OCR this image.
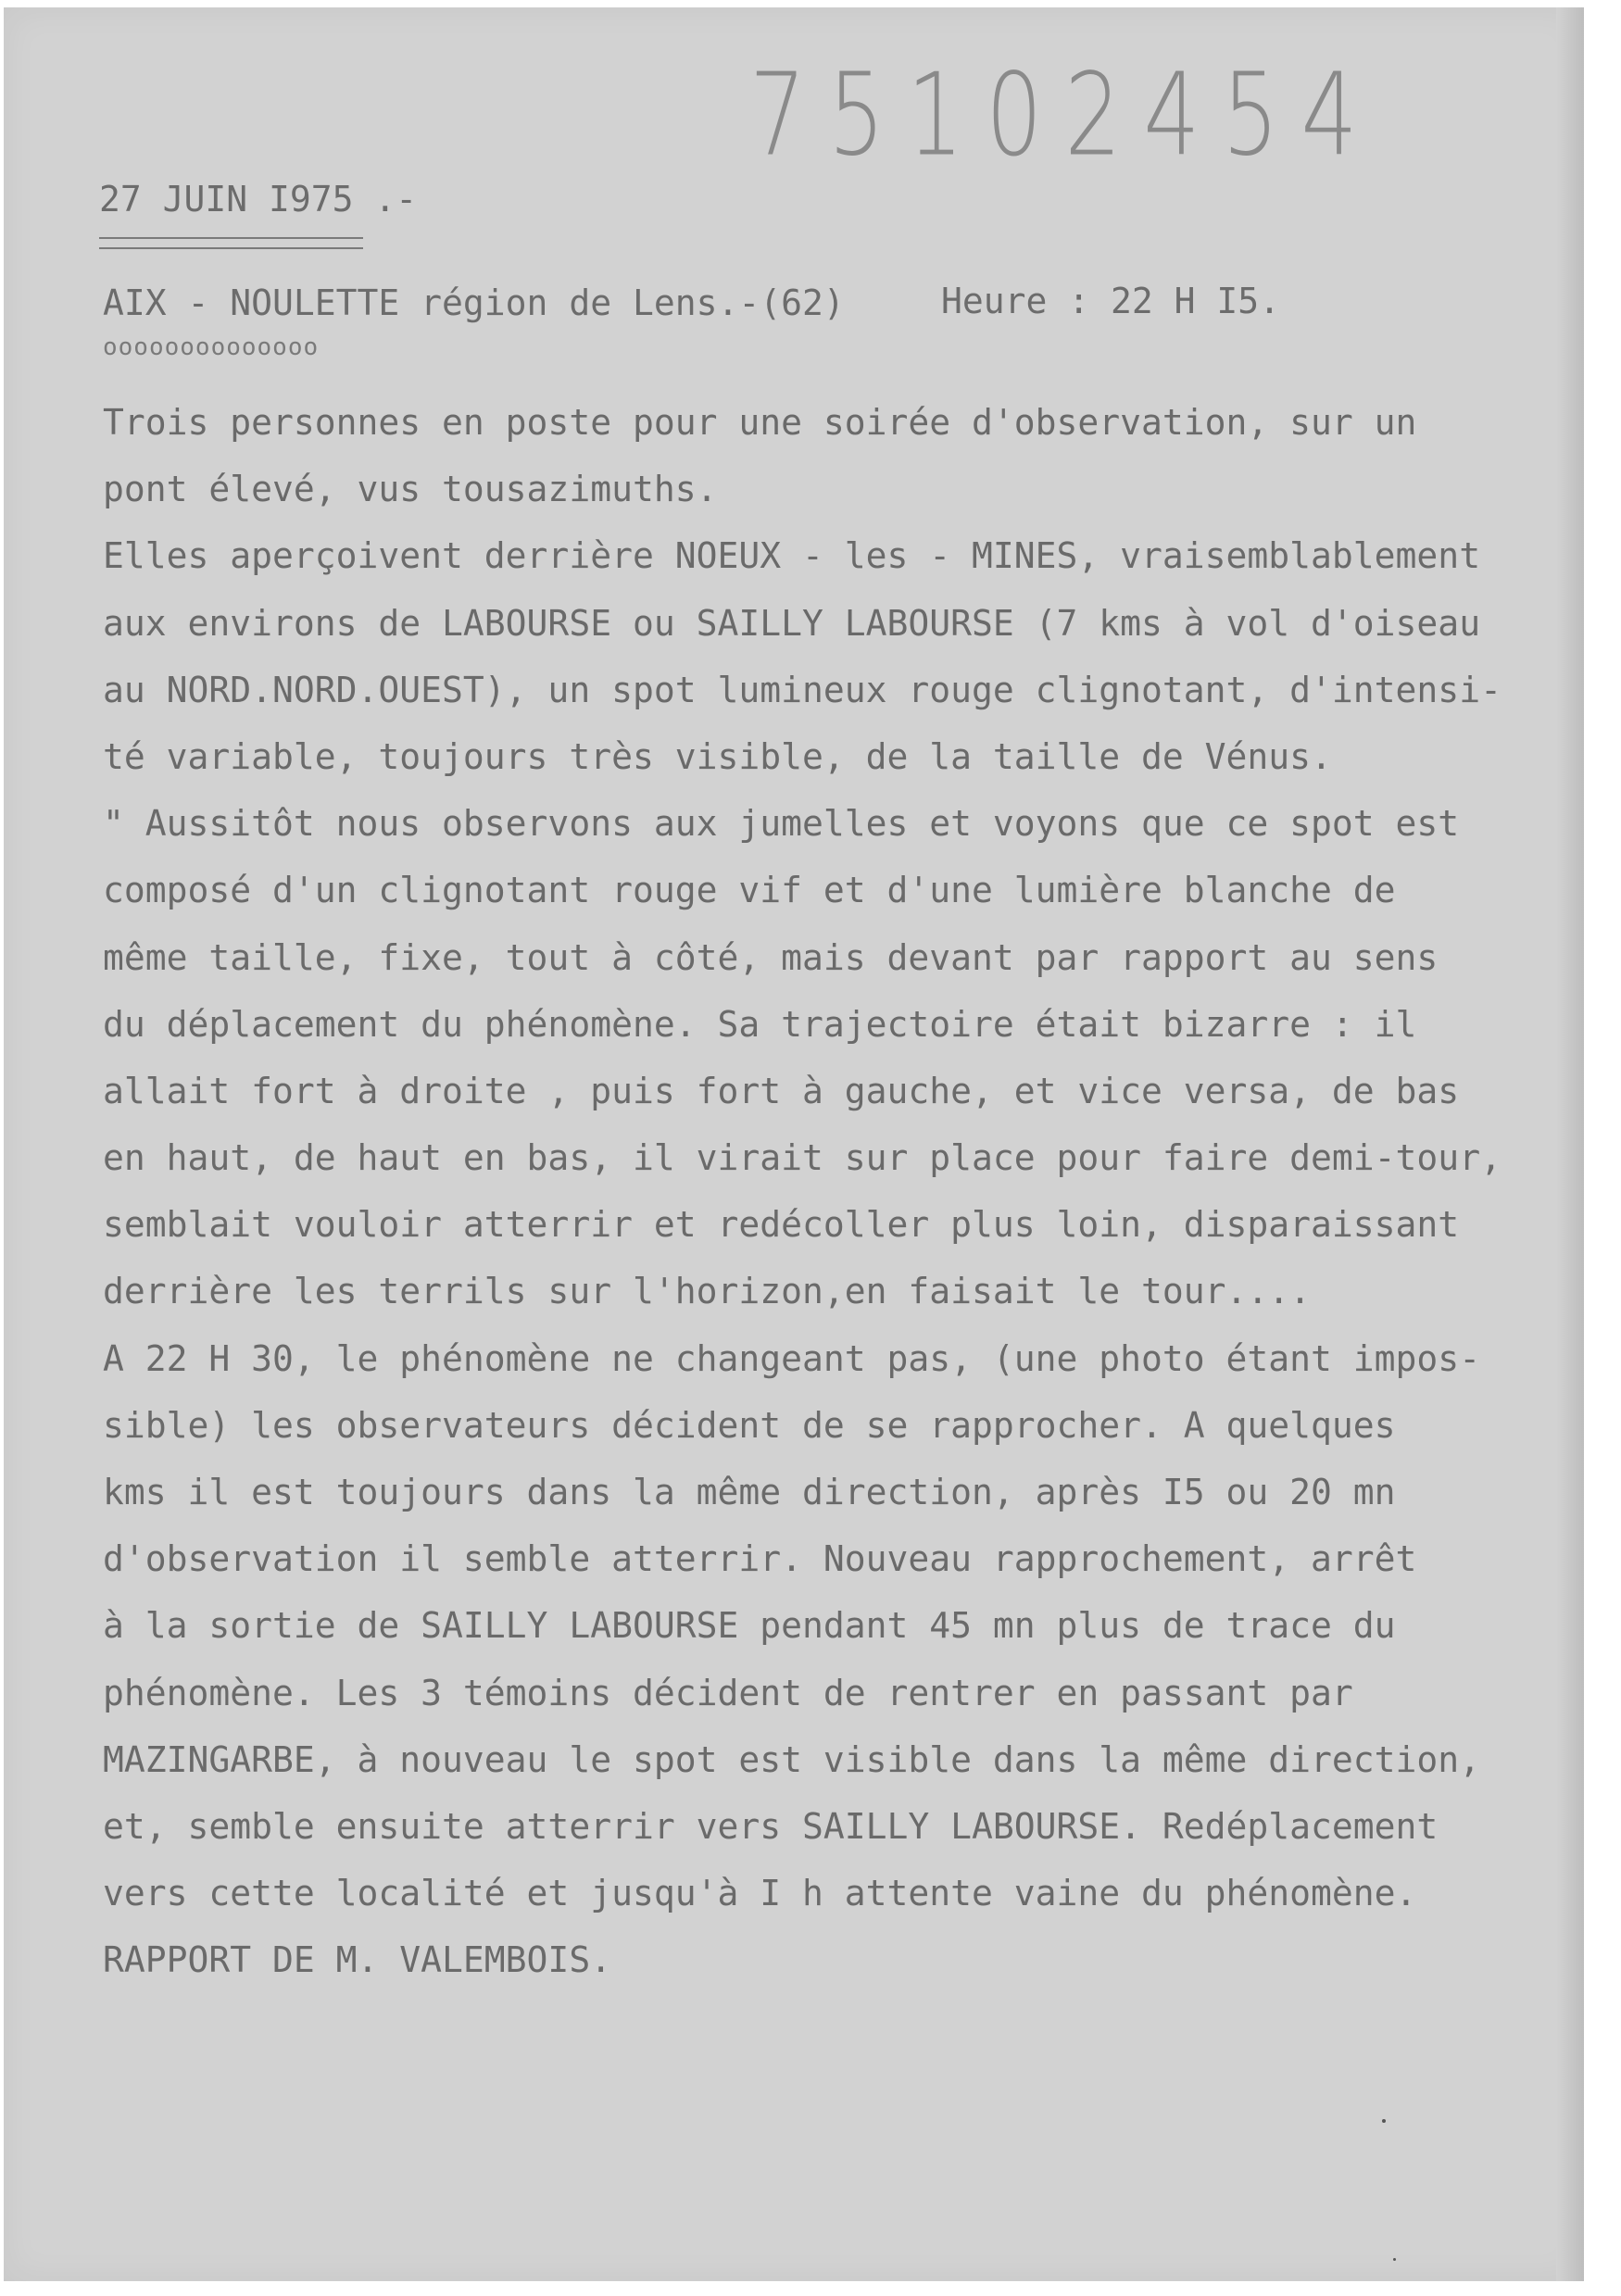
75102454
27 JUIN I975 .-
AIX - NOULETTE région de Lens.-(62)	Heure : 22 H I5.
oooooooooooooo
Trois personnes en poste pour une soirée d'observation, sur un
pont élevé, vus tousazimuths.
Elles aperçoivent derrière NOEUX - les - MINES, vraisemblablement
aux environs de LABOURSE ou SAILLY LABOURSE (7 kms à vol d'oiseau
au NORD.NORD.OUEST), un spot lumineux rouge clignotant, d'intensi-
té variable, toujours très visible, de la taille de Vénus.
" Aussitôt nous observons aux jumelles et voyons que ce spot est
composé d'un clignotant rouge vif et d'une lumière blanche de
même taille, fixe, tout à côté, mais devant par rapport au sens
du déplacement du phénomène. Sa trajectoire était bizarre : il
allait fort à droite , puis fort à gauche, et vice versa, de bas
en haut, de haut en bas, il virait sur place pour faire demi-tour,
semblait vouloir atterrir et redécoller plus loin, disparaissant
derrière les terrils sur l'horizon,en faisait le tour....
A 22 H 30, le phénomène ne changeant pas, (une photo étant impos-
sible) les observateurs décident de se rapprocher. A quelques
kms il est toujours dans la même direction, après I5 ou 20 mn
d'observation il semble atterrir. Nouveau rapprochement, arrêt
à la sortie de SAILLY LABOURSE pendant 45 mn plus de trace du
phénomène. Les 3 témoins décident de rentrer en passant par
MAZINGARBE, à nouveau le spot est visible dans la même direction,
et, semble ensuite atterrir vers SAILLY LABOURSE. Redéplacement
vers cette localité et jusqu'à I h attente vaine du phénomène.
RAPPORT DE M. VALEMBOIS.
